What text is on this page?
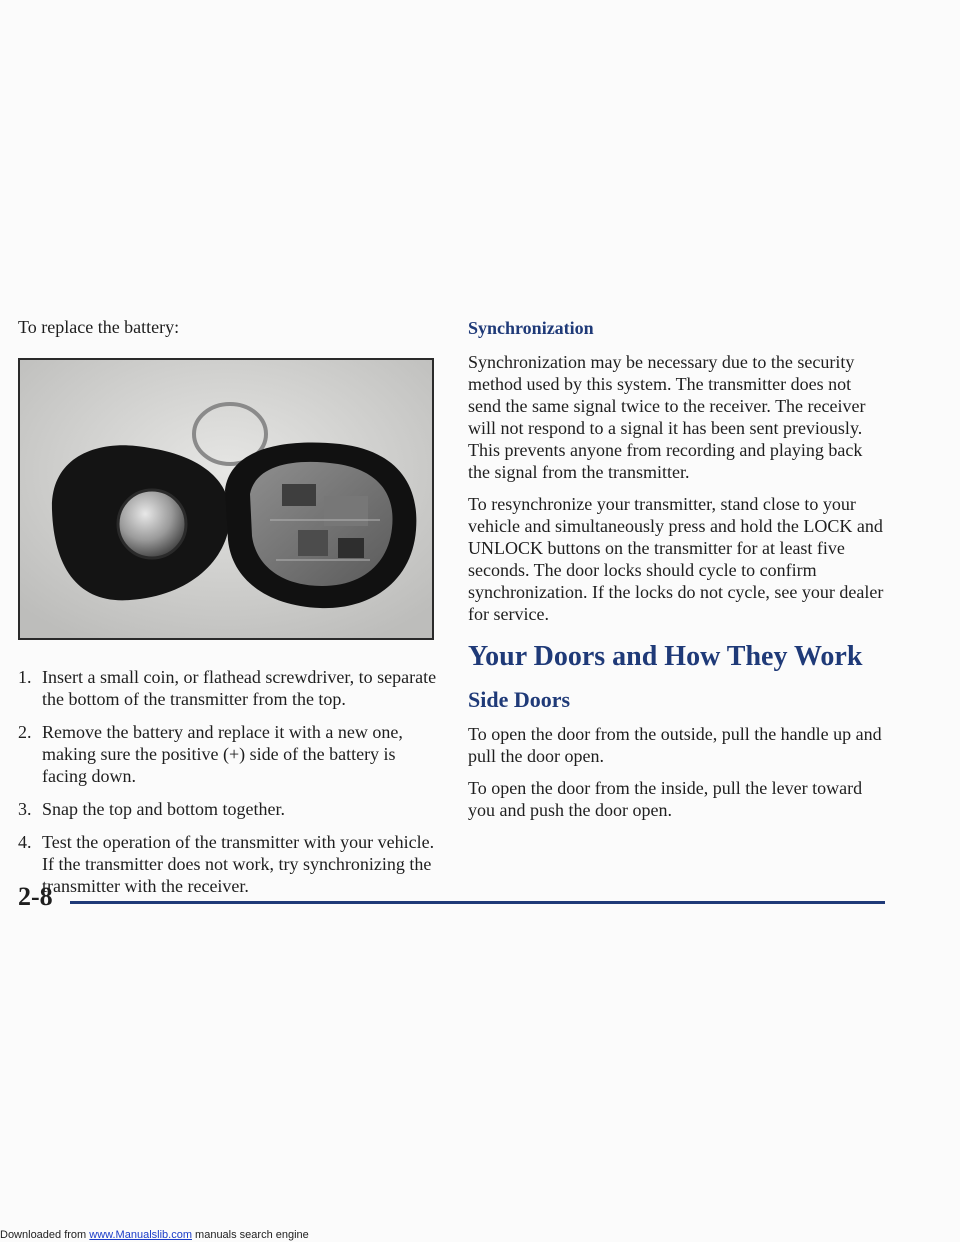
To replace the battery:

1. Insert a small coin, or flathead screwdriver, to separate the bottom of the transmitter from the top.
2. Remove the battery and replace it with a new one, making sure the positive (+) side of the battery is facing down.
3. Snap the top and bottom together.
4. Test the operation of the transmitter with your vehicle. If the transmitter does not work, try synchronizing the transmitter with the receiver.
Synchronization

Synchronization may be necessary due to the security method used by this system. The transmitter does not send the same signal twice to the receiver. The receiver will not respond to a signal it has been sent previously. This prevents anyone from recording and playing back the signal from the transmitter.

To resynchronize your transmitter, stand close to your vehicle and simultaneously press and hold the LOCK and UNLOCK buttons on the transmitter for at least five seconds. The door locks should cycle to confirm synchronization. If the locks do not cycle, see your dealer for service.

Your Doors and How They Work
Side Doors

To open the door from the outside, pull the handle up and pull the door open.

To open the door from the inside, pull the lever toward you and push the door open.

2-8
Downloaded from www.Manualslib.com manuals search engine
